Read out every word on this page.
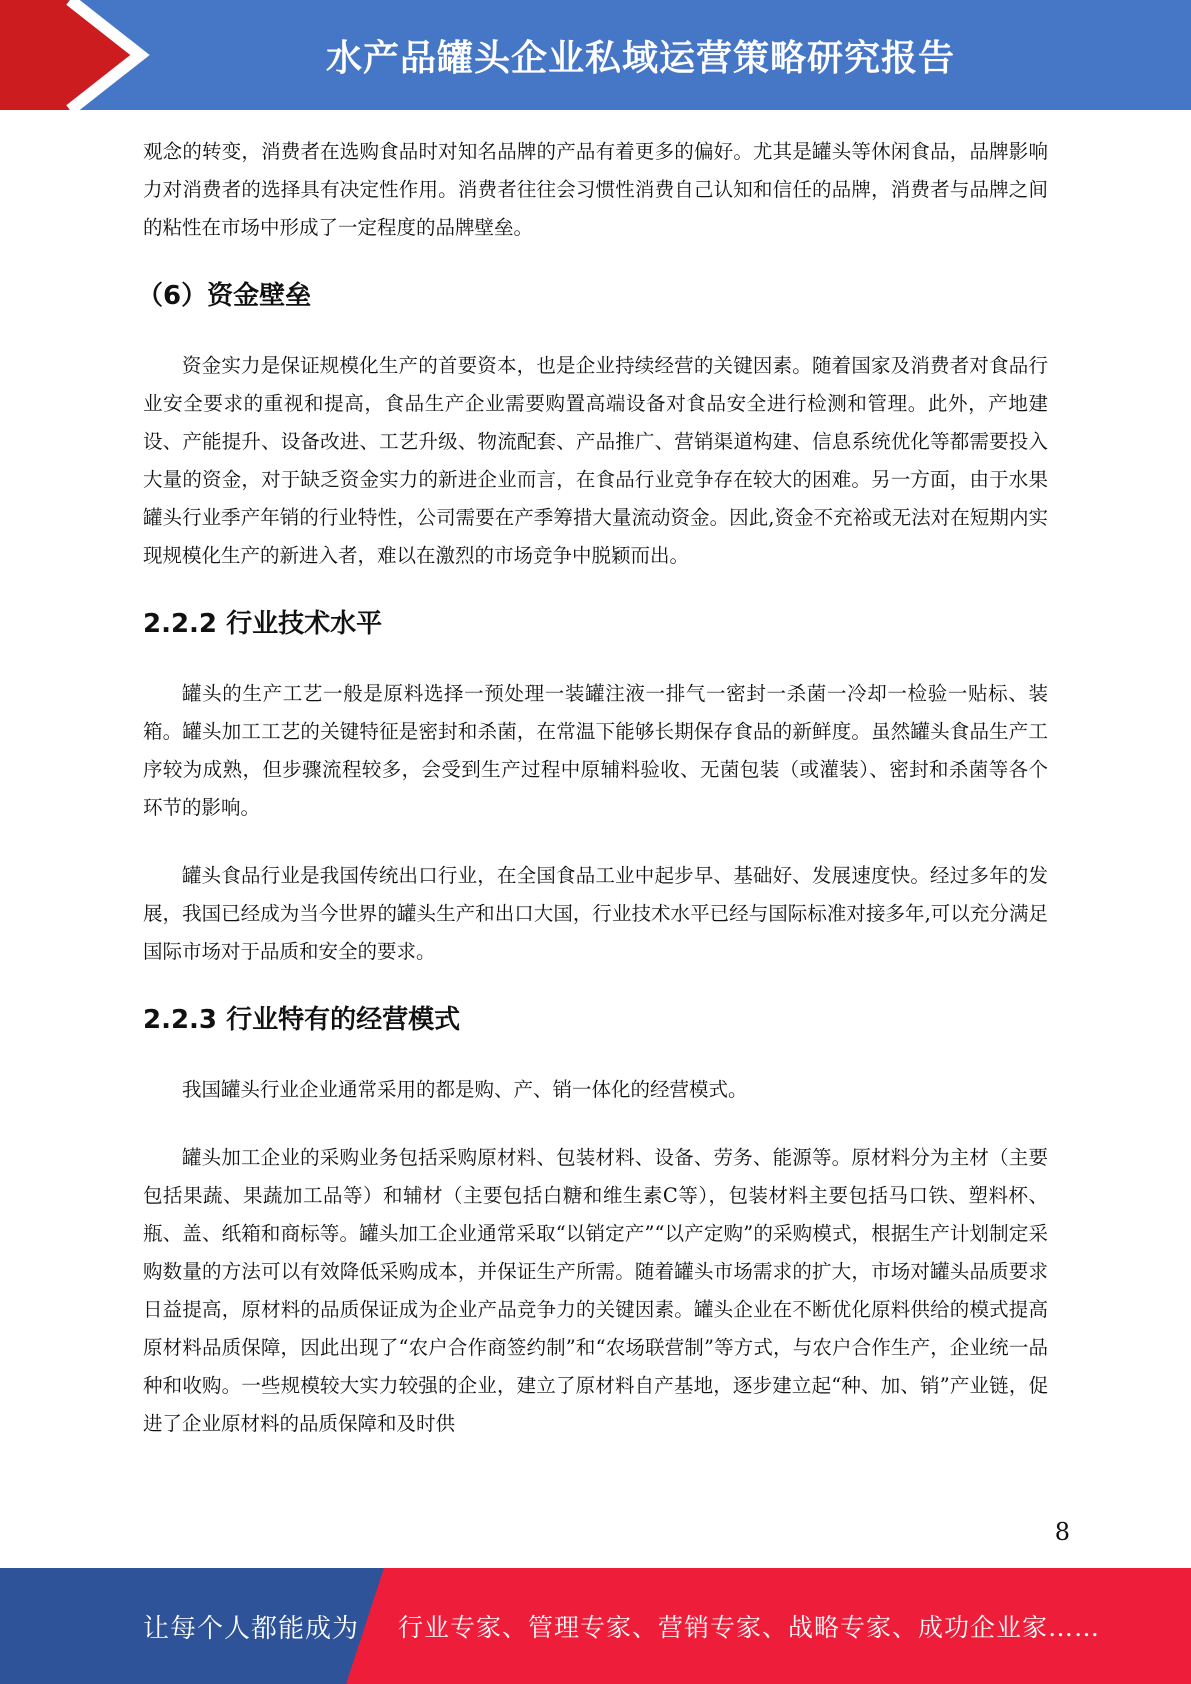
水产品罐头企业私域运营策略研究报告

观念的转变，消费者在选购食品时对知名品牌的产品有着更多的偏好。尤其是罐头等休闲食品，品牌影响力对消费者的选择具有决定性作用。消费者往往会习惯性消费自己认知和信任的品牌，消费者与品牌之间的粘性在市场中形成了一定程度的品牌壁垒。

（6）资金壁垒

资金实力是保证规模化生产的首要资本，也是企业持续经营的关键因素。随着国家及消费者对食品行业安全要求的重视和提高，食品生产企业需要购置高端设备对食品安全进行检测和管理。此外，产地建设、产能提升、设备改进、工艺升级、物流配套、产品推广、营销渠道构建、信息系统优化等都需要投入大量的资金，对于缺乏资金实力的新进企业而言，在食品行业竞争存在较大的困难。另一方面，由于水果罐头行业季产年销的行业特性，公司需要在产季筹措大量流动资金。因此,资金不充裕或无法对在短期内实现规模化生产的新进入者，难以在激烈的市场竞争中脱颖而出。

2.2.2 行业技术水平

罐头的生产工艺一般是原料选择一预处理一装罐注液一排气一密封一杀菌一冷却一检验一贴标、装箱。罐头加工工艺的关键特征是密封和杀菌，在常温下能够长期保存食品的新鲜度。虽然罐头食品生产工序较为成熟，但步骤流程较多，会受到生产过程中原辅料验收、无菌包装（或灌装）、密封和杀菌等各个环节的影响。

罐头食品行业是我国传统出口行业，在全国食品工业中起步早、基础好、发展速度快。经过多年的发展，我国已经成为当今世界的罐头生产和出口大国，行业技术水平已经与国际标准对接多年,可以充分满足国际市场对于品质和安全的要求。

2.2.3 行业特有的经营模式

我国罐头行业企业通常采用的都是购、产、销一体化的经营模式。

罐头加工企业的采购业务包括采购原材料、包装材料、设备、劳务、能源等。原材料分为主材（主要包括果蔬、果蔬加工品等）和辅材（主要包括白糖和维生素C等），包装材料主要包括马口铁、塑料杯、瓶、盖、纸箱和商标等。罐头加工企业通常采取“以销定产”“以产定购”的采购模式，根据生产计划制定采购数量的方法可以有效降低采购成本，并保证生产所需。随着罐头市场需求的扩大，市场对罐头品质要求日益提高，原材料的品质保证成为企业产品竞争力的关键因素。罐头企业在不断优化原料供给的模式提高原材料品质保障，因此出现了“农户合作商签约制”和“农场联营制”等方式，与农户合作生产，企业统一品种和收购。一些规模较大实力较强的企业，建立了原材料自产基地，逐步建立起“种、加、销”产业链，促进了企业原材料的品质保障和及时供

8
让每个人都能成为 行业专家、管理专家、营销专家、战略专家、成功企业家……
